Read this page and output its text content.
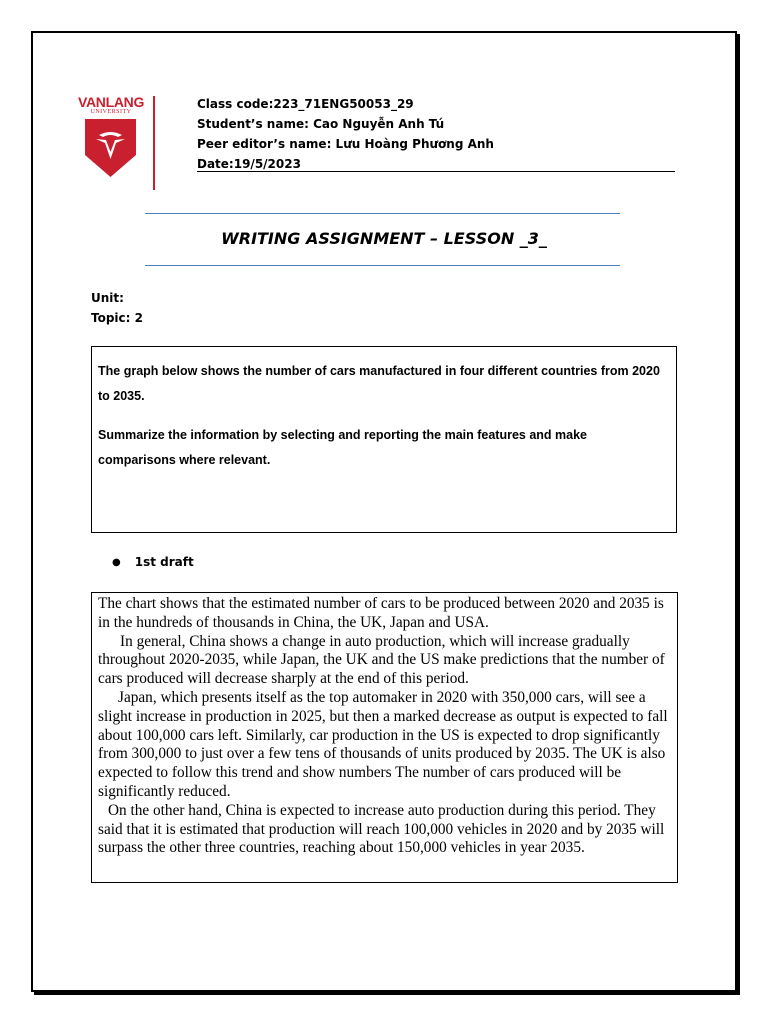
VANLANG
UNIVERSITY
Class code:223_71ENG50053_29
Student’s name: Cao Nguyễn Anh Tú
Peer editor’s name: Lưu Hoàng Phương Anh
Date:19/5/2023
WRITING ASSIGNMENT – LESSON _3_
Unit:
Topic: 2

The graph below shows the number of cars manufactured in four different countries from 2020 to 2035.

Summarize the information by selecting and reporting the main features and make comparisons where relevant.

● 1st draft

The chart shows that the estimated number of cars to be produced between 2020 and 2035 is in the hundreds of thousands in China, the UK, Japan and USA.

In general, China shows a change in auto production, which will increase gradually throughout 2020-2035, while Japan, the UK and the US make predictions that the number of cars produced will decrease sharply at the end of this period.

Japan, which presents itself as the top automaker in 2020 with 350,000 cars, will see a slight increase in production in 2025, but then a marked decrease as output is expected to fall about 100,000 cars left. Similarly, car production in the US is expected to drop significantly from 300,000 to just over a few tens of thousands of units produced by 2035. The UK is also expected to follow this trend and show numbers The number of cars produced will be significantly reduced.

On the other hand, China is expected to increase auto production during this period. They said that it is estimated that production will reach 100,000 vehicles in 2020 and by 2035 will surpass the other three countries, reaching about 150,000 vehicles in year 2035.
